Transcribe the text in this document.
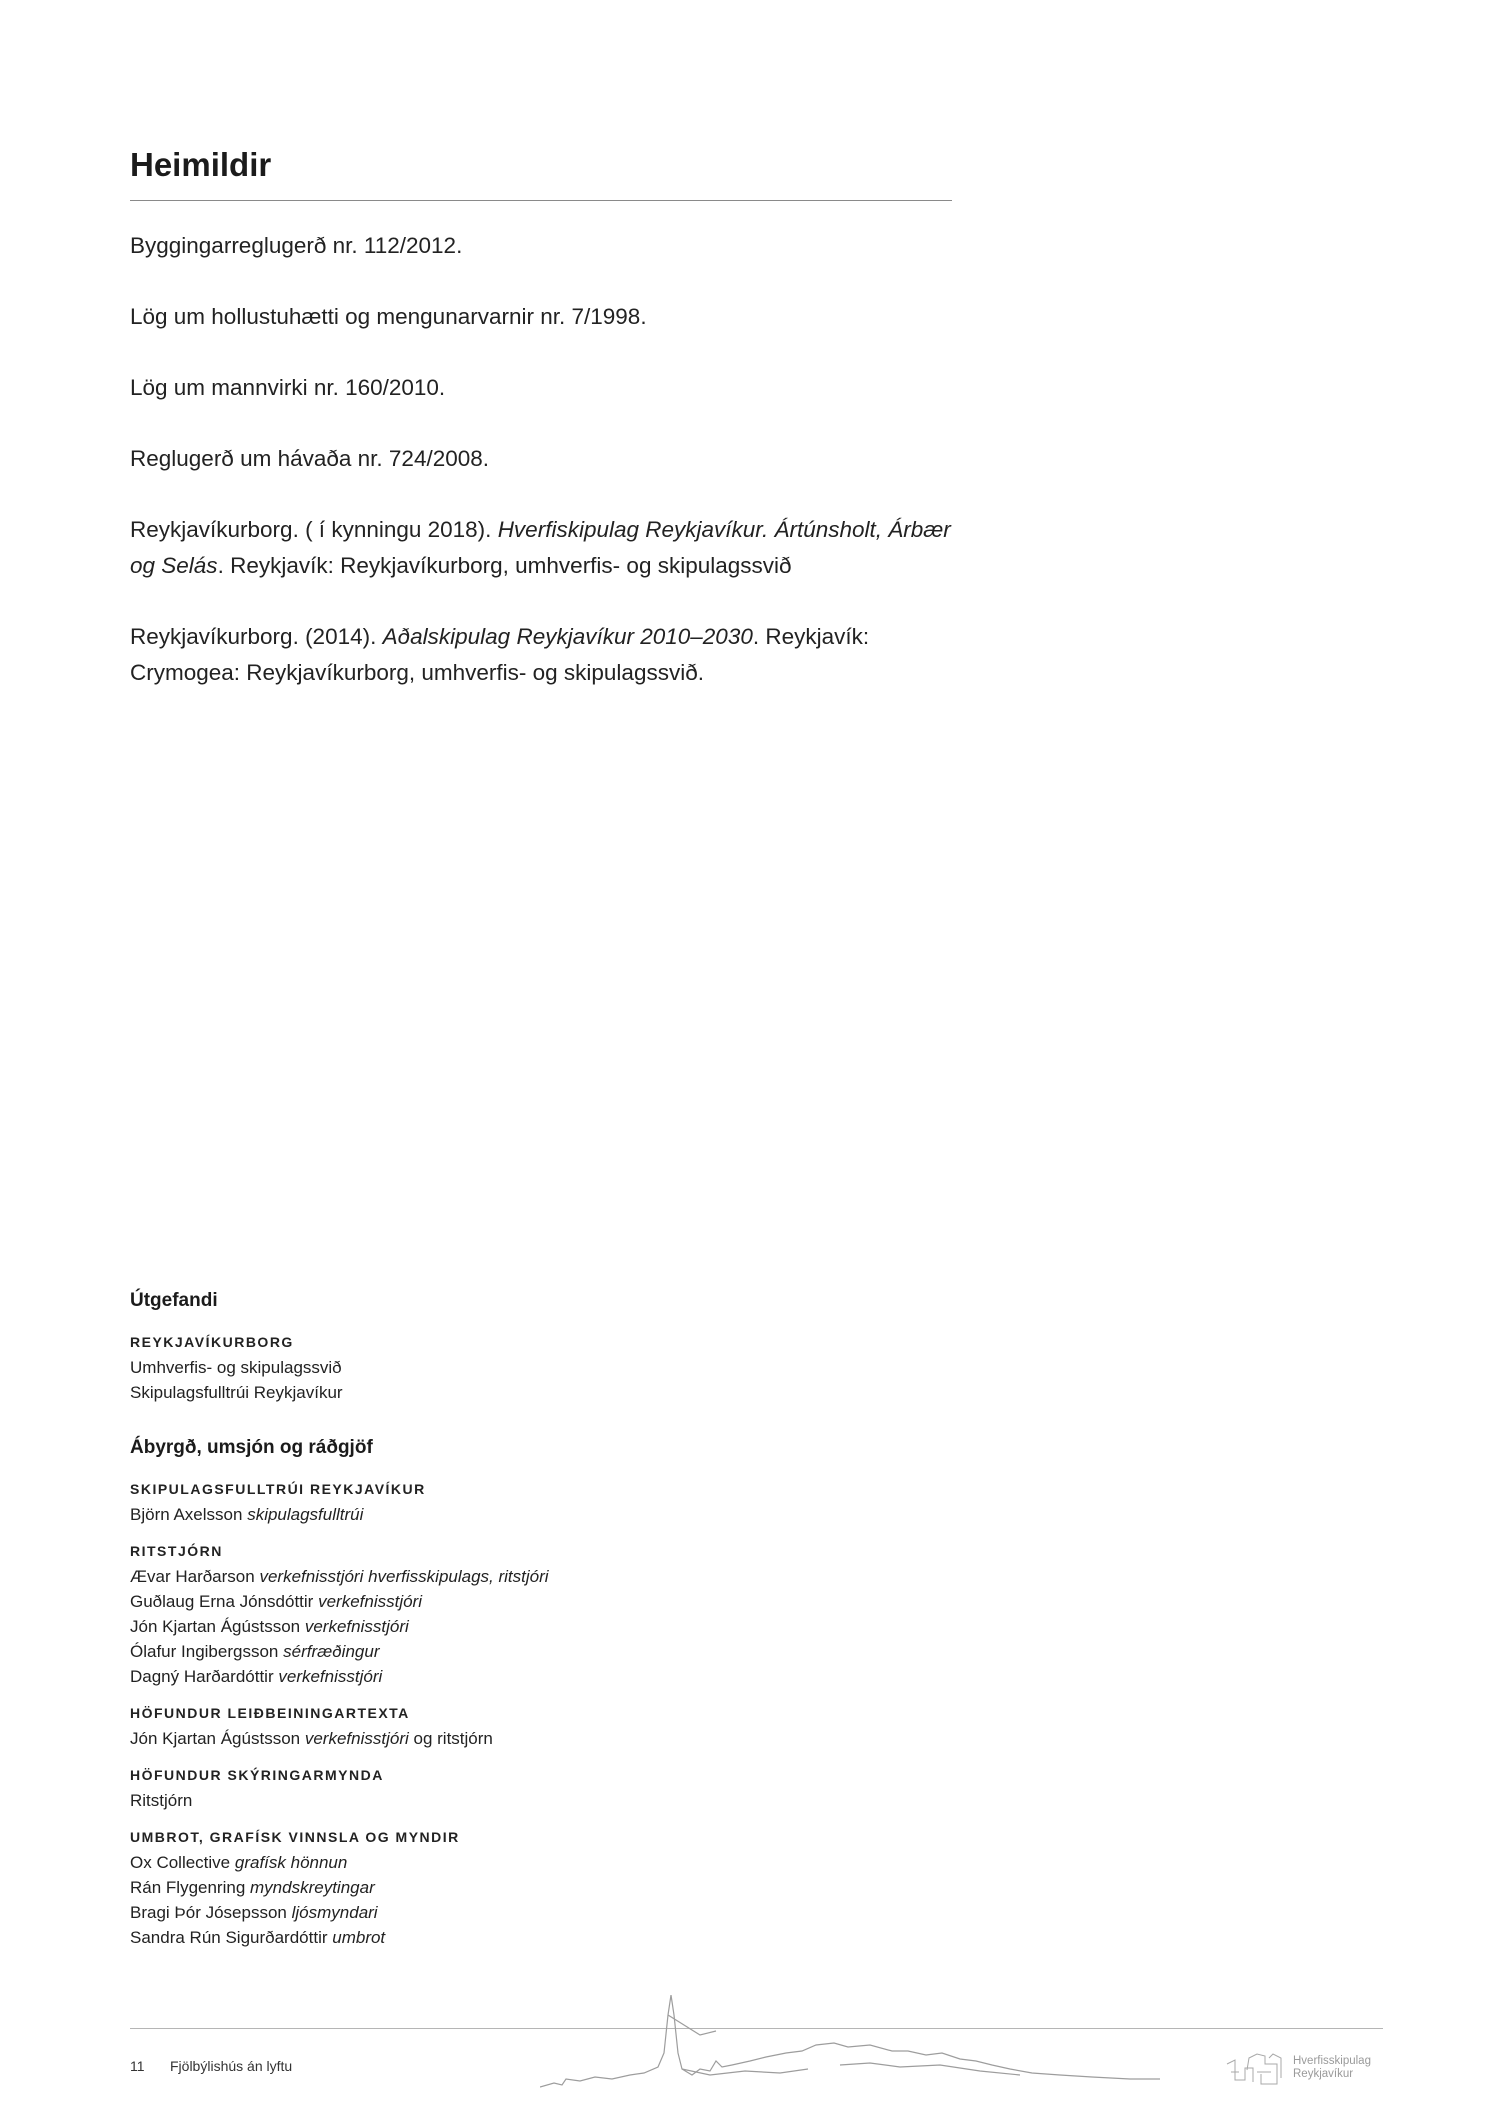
Heimildir

Byggingarreglugerð nr. 112/2012.

Lög um hollustuhætti og mengunarvarnir nr. 7/1998.

Lög um mannvirki nr. 160/2010.

Reglugerð um hávaða nr. 724/2008.

Reykjavíkurborg. ( í kynningu 2018). Hverfiskipulag Reykjavíkur. Ártúnsholt, Árbær og Selás. Reykjavík: Reykjavíkurborg, umhverfis- og skipulagssvið

Reykjavíkurborg. (2014). Aðalskipulag Reykjavíkur 2010–2030. Reykjavík: Crymogea: Reykjavíkurborg, umhverfis- og skipulagssvið.

Útgefandi
REYKJAVÍKURBORG
Umhverfis- og skipulagssvið
Skipulagsfulltrúi Reykjavíkur
Ábyrgð, umsjón og ráðgjöf
SKIPULAGSFULLTRÚI REYKJAVÍKUR
Björn Axelsson skipulagsfulltrúi
RITSTJÓRN
Ævar Harðarson verkefnisstjóri hverfisskipulags, ritstjóri
Guðlaug Erna Jónsdóttir verkefnisstjóri
Jón Kjartan Ágústsson verkefnisstjóri
Ólafur Ingibergsson sérfræðingur
Dagný Harðardóttir verkefnisstjóri
HÖFUNDUR LEIÐBEININGARTEXTA
Jón Kjartan Ágústsson verkefnisstjóri og ritstjórn
HÖFUNDUR SKÝRINGARMYNDA
Ritstjórn
UMBROT, GRAFÍSK VINNSLA OG MYNDIR
Ox Collective grafísk hönnun
Rán Flygenring myndskreytingar
Bragi Þór Jósepsson ljósmyndari
Sandra Rún Sigurðardóttir umbrot
Hverfisskipulag
Reykjavíkur
11 Fjölbýlishús án lyftu
